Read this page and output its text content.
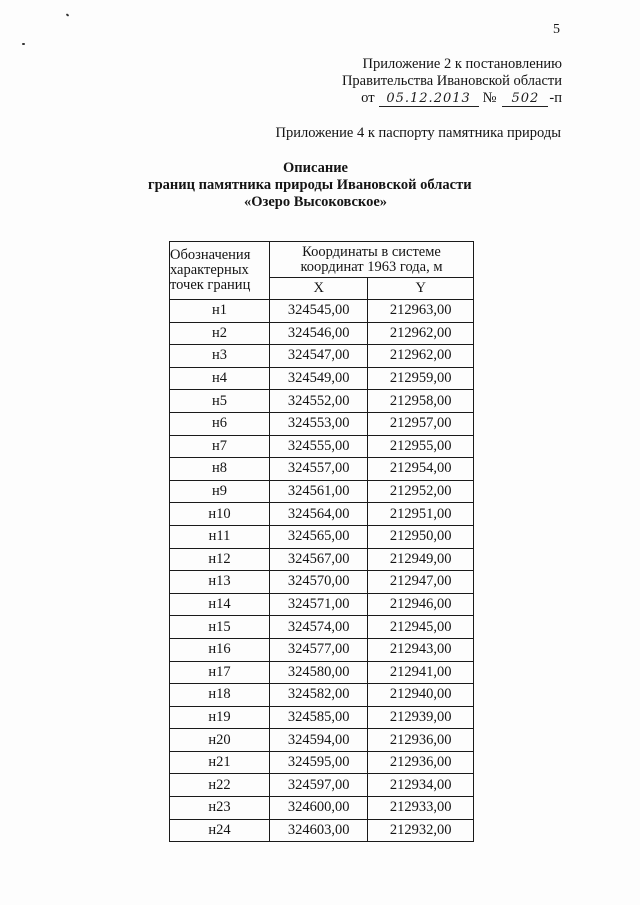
5
Приложение 2 к постановлению
Правительства Ивановской области
от 05.12.2013 №	502 -п
Приложение 4 к паспорту памятника природы
Описание
границ памятника природы Ивановской области
«Озеро Высоковское»
Обозначения характерных точек границ	Координаты в системе координат 1963 года, м	
	X	Y
н1	324545,00	212963,00
н2	324546,00	212962,00
н3	324547,00	212962,00
н4	324549,00	212959,00
н5	324552,00	212958,00
н6	324553,00	212957,00
н7	324555,00	212955,00
н8	324557,00	212954,00
н9	324561,00	212952,00
н10	324564,00	212951,00
н11	324565,00	212950,00
н12	324567,00	212949,00
н13	324570,00	212947,00
н14	324571,00	212946,00
н15	324574,00	212945,00
н16	324577,00	212943,00
н17	324580,00	212941,00
н18	324582,00	212940,00
н19	324585,00	212939,00
н20	324594,00	212936,00
н21	324595,00	212936,00
н22	324597,00	212934,00
н23	324600,00	212933,00
н24	324603,00	212932,00
